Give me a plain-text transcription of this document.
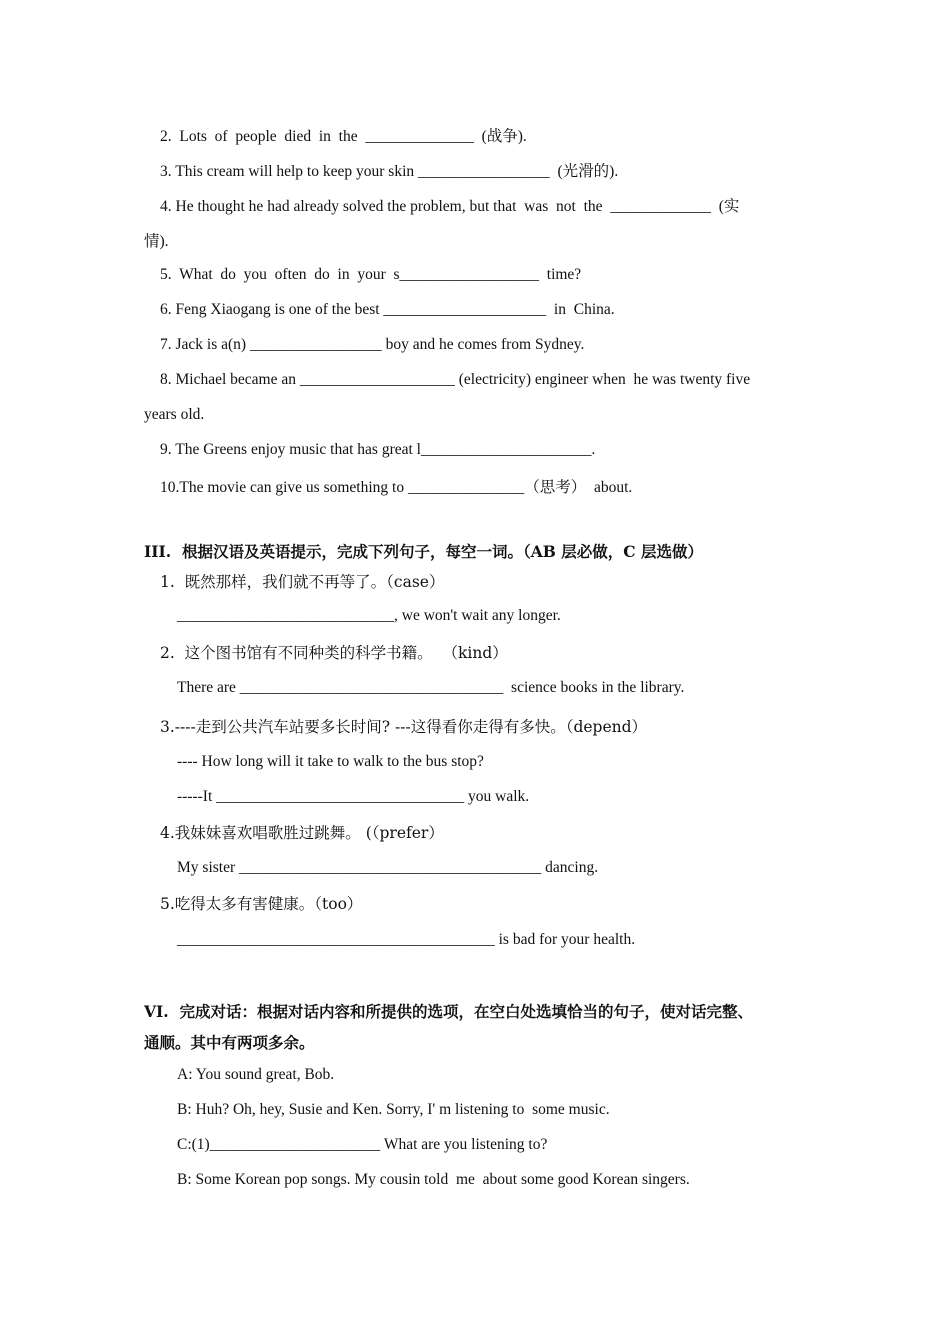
2.  Lots  of  people  died  in  the  ______________  (战争).
3. This cream will help to keep your skin _________________  (光滑的).
4. He thought he had already solved the problem, but that  was  not  the  _____________  (实
情).
5.  What  do  you  often  do  in  your  s__________________  time?
6. Feng Xiaogang is one of the best _____________________  in  China.
7. Jack is a(n) _________________ boy and he comes from Sydney.
8. Michael became an ____________________ (electricity) engineer when  he was twenty five
years old.
9. The Greens enjoy music that has great l______________________.
10.The movie can give us something to _______________（思考）  about.
III.  根据汉语及英语提示，完成下列句子，每空一词。（AB 层必做，C 层选做）
1.  既然那样，我们就不再等了。（case）
____________________________, we won't wait any longer.
2.  这个图书馆有不同种类的科学书籍。  （kind）
There are __________________________________  science books in the library.
3.----走到公共汽车站要多长时间? ---这得看你走得有多快。（depend）
---- How long will it take to walk to the bus stop?
-----It ________________________________ you walk.
4.我妹妹喜欢唱歌胜过跳舞。 (（prefer）
My sister _______________________________________ dancing.
5.吃得太多有害健康。（too）
_________________________________________ is bad for your health.
VI.  完成对话：根据对话内容和所提供的选项，在空白处选填恰当的句子，使对话完整、
通顺。其中有两项多余。
A: You sound great, Bob.
B: Huh? Oh, hey, Susie and Ken. Sorry, I' m listening to  some music.
C:(1)______________________ What are you listening to?
B: Some Korean pop songs. My cousin told  me  about some good Korean singers.
